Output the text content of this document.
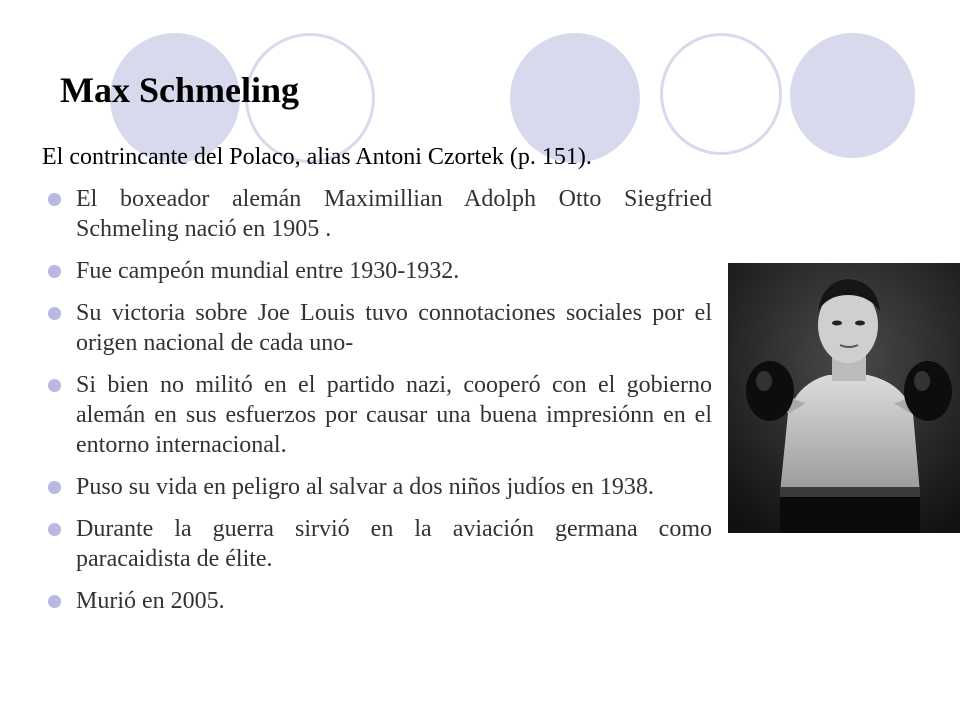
Max Schmeling

El contrincante del Polaco, alias Antoni Czortek (p. 151).

El boxeador alemán Maximillian Adolph Otto Siegfried Schmeling nació en 1905 .
Fue campeón mundial entre 1930-1932.
Su victoria sobre Joe Louis tuvo connotaciones sociales por el origen nacional de cada uno-
Si bien no militó en el partido nazi, cooperó con el gobierno alemán en sus esfuerzos por causar una buena impresiónn en el entorno internacional.
Puso su vida en peligro al salvar a dos niños judíos en 1938.
Durante la guerra sirvió en la aviación germana como paracaidista de élite.
Murió en 2005.
